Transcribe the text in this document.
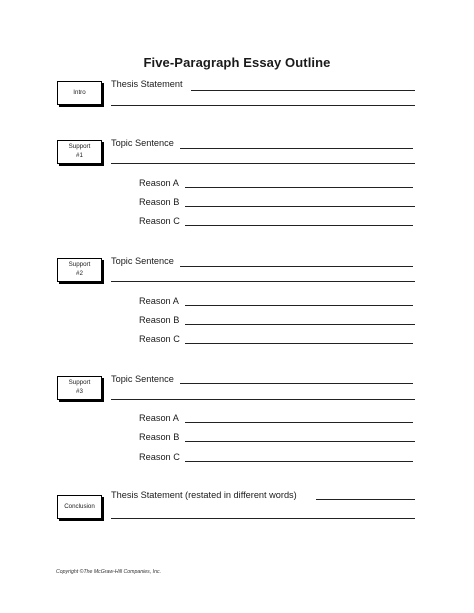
Five-Paragraph Essay Outline
Intro
Thesis Statement
Support
#1
Topic Sentence
Reason A
Reason B
Reason C
Support
#2
Topic Sentence
Reason A
Reason B
Reason C
Support
#3
Topic Sentence
Reason A
Reason B
Reason C
Conclusion
Thesis Statement (restated in different words)
Copyright ©The McGraw-Hill Companies, Inc.
